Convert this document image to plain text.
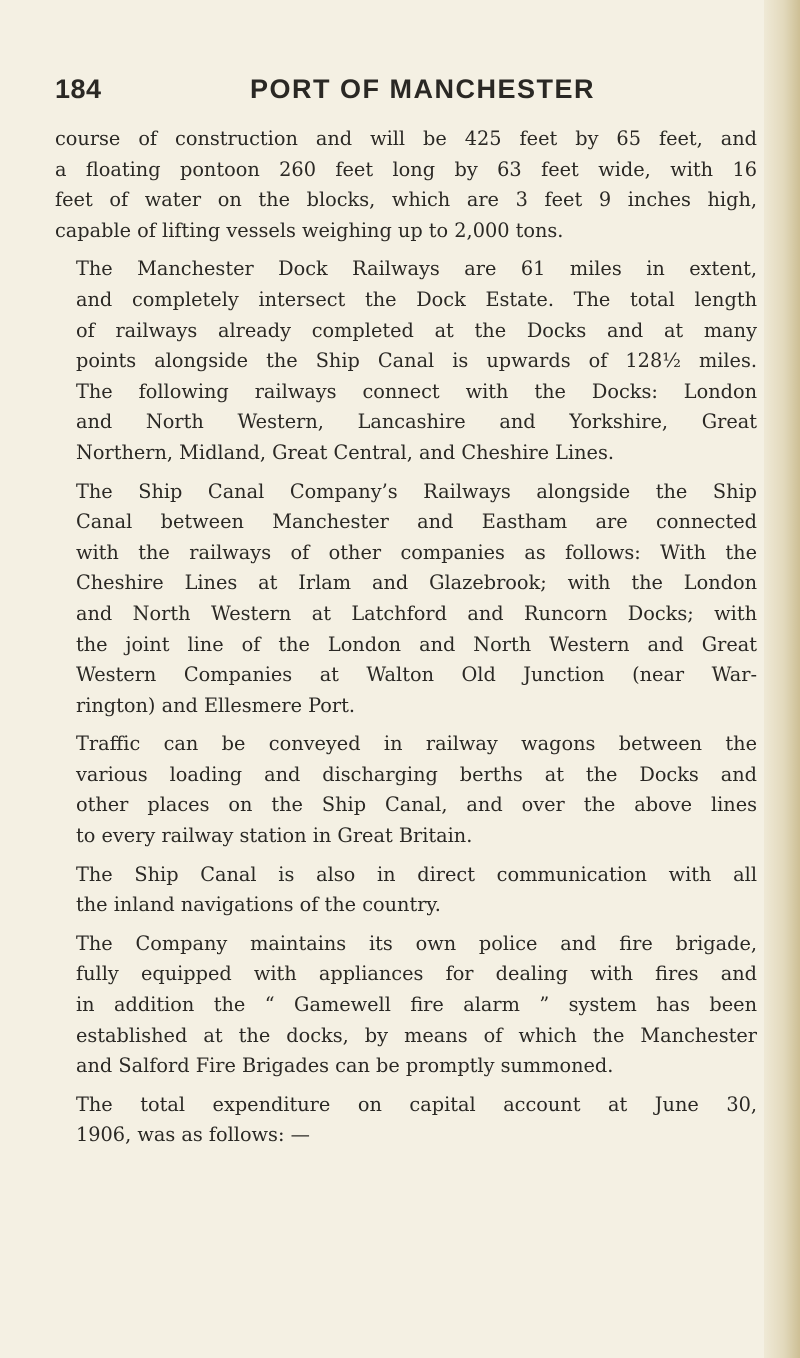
184	PORT OF MANCHESTER

course of construction and will be 425 feet by 65 feet, and
a floating pontoon 260 feet long by 63 feet wide, with 16
feet of water on the blocks, which are 3 feet 9 inches high,
capable of lifting vessels weighing up to 2,000 tons.

The Manchester Dock Railways are 61 miles in extent,
and completely intersect the Dock Estate. The total length
of railways already completed at the Docks and at many
points alongside the Ship Canal is upwards of 128½ miles.
The following railways connect with the Docks: London
and North Western, Lancashire and Yorkshire, Great
Northern, Midland, Great Central, and Cheshire Lines.

The Ship Canal Company’s Railways alongside the Ship
Canal between Manchester and Eastham are connected
with the railways of other companies as follows: With the
Cheshire Lines at Irlam and Glazebrook; with the London
and North Western at Latchford and Runcorn Docks; with
the joint line of the London and North Western and Great
Western Companies at Walton Old Junction (near War-
rington) and Ellesmere Port.

Traffic can be conveyed in railway wagons between the
various loading and discharging berths at the Docks and
other places on the Ship Canal, and over the above lines
to every railway station in Great Britain.

The Ship Canal is also in direct communication with all
the inland navigations of the country.

The Company maintains its own police and fire brigade,
fully equipped with appliances for dealing with fires and
in addition the “ Gamewell fire alarm ” system has been
established at the docks, by means of which the Manchester
and Salford Fire Brigades can be promptly summoned.

The total expenditure on capital account at June 30,
1906, was as follows: —
